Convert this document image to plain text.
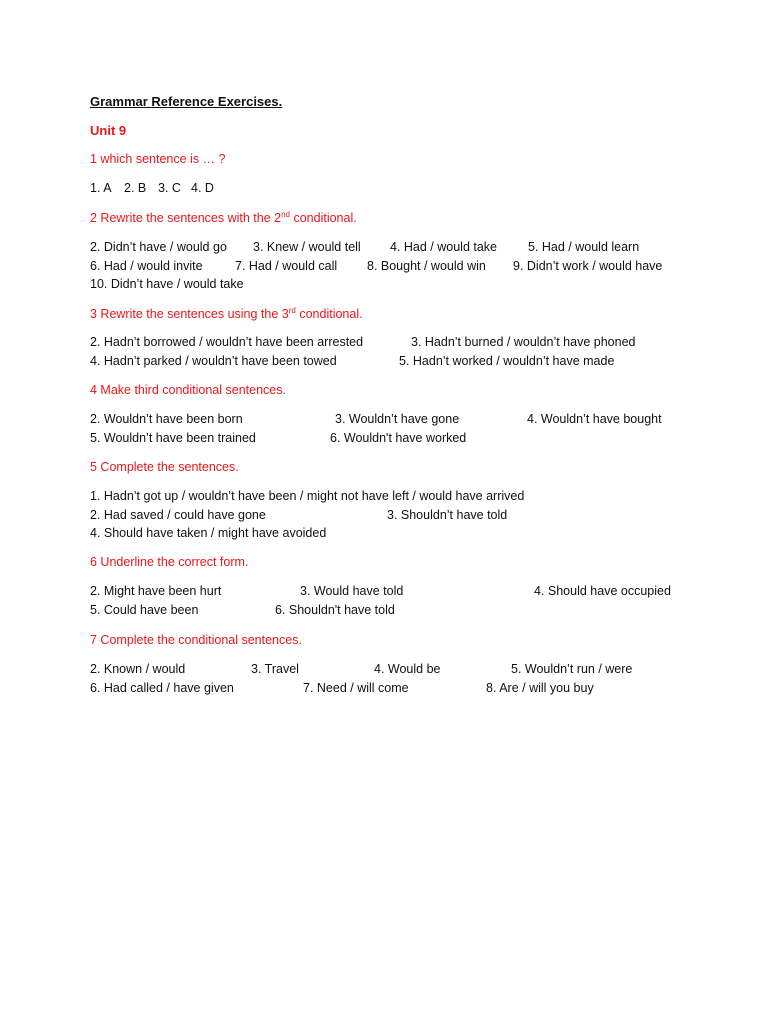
Grammar Reference Exercises.
Unit 9
1 which sentence is … ?
1. A 2. B 3. C 4. D
2 Rewrite the sentences with the 2nd conditional.
2. Didn’t have / would go 3. Knew / would tell 4. Had / would take 5. Had / would learn
6. Had / would invite	7. Had / would call 8. Bought / would win 9. Didn’t work / would have
10. Didn’t have / would take
3 Rewrite the sentences using the 3rd conditional.
2. Hadn’t borrowed / wouldn’t have been arrested	3. Hadn’t burned / wouldn’t have phoned
4. Hadn’t parked / wouldn’t have been towed	5. Hadn’t worked / wouldn’t have made
4 Make third conditional sentences.
2. Wouldn’t have been born	3. Wouldn’t have gone	4. Wouldn’t have bought
5. Wouldn’t have been trained	6. Wouldn't have worked
5 Complete the sentences.
1. Hadn’t got up / wouldn’t have been / might not have left / would have arrived
2. Had saved / could have gone	3. Shouldn’t have told
4. Should have taken / might have avoided
6 Underline the correct form.
2. Might have been hurt	3. Would have told	4. Should have occupied
5. Could have been	6. Shouldn't have told
7 Complete the conditional sentences.
2. Known / would	3. Travel	4. Would be	5. Wouldn’t run / were
6. Had called / have given	7. Need / will come	8. Are / will you buy
